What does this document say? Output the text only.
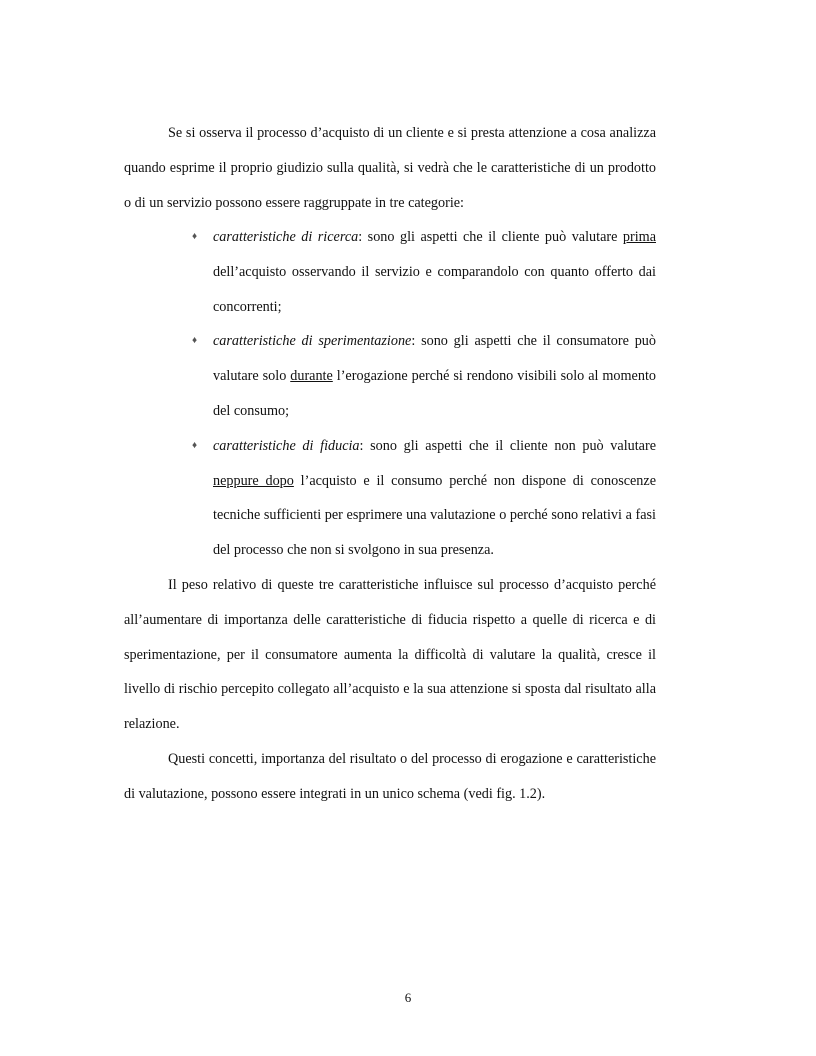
Se si osserva il processo d’acquisto di un cliente e si presta attenzione a cosa analizza quando esprime il proprio giudizio sulla qualità, si vedrà che le caratteristiche di un prodotto o di un servizio possono essere raggruppate in tre categorie:

♦ caratteristiche di ricerca: sono gli aspetti che il cliente può valutare prima dell’acquisto osservando il servizio e comparandolo con quanto offerto dai concorrenti;
♦ caratteristiche di sperimentazione: sono gli aspetti che il consumatore può valutare solo durante l’erogazione perché si rendono visibili solo al momento del consumo;
♦ caratteristiche di fiducia: sono gli aspetti che il cliente non può valutare neppure dopo l’acquisto e il consumo perché non dispone di conoscenze tecniche sufficienti per esprimere una valutazione o perché sono relativi a fasi del processo che non si svolgono in sua presenza.

Il peso relativo di queste tre caratteristiche influisce sul processo d’acquisto perché all’aumentare di importanza delle caratteristiche di fiducia rispetto a quelle di ricerca e di sperimentazione, per il consumatore aumenta la difficoltà di valutare la qualità, cresce il livello di rischio percepito collegato all’acquisto e la sua attenzione si sposta dal risultato alla relazione.

Questi concetti, importanza del risultato o del processo di erogazione e caratteristiche di valutazione, possono essere integrati in un unico schema (vedi fig. 1.2).

6
